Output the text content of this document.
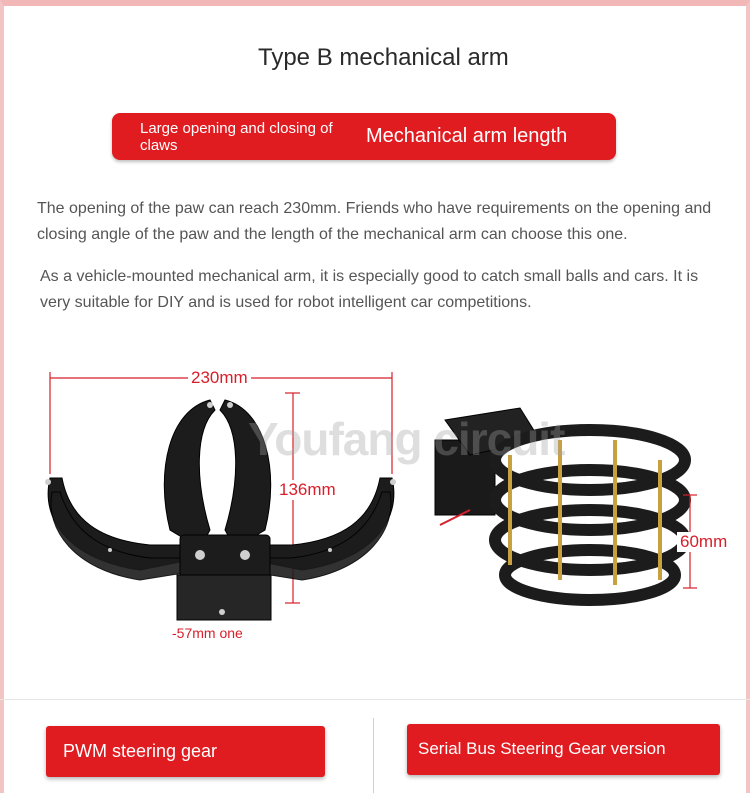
Type B mechanical arm
Large opening and closing of claws	Mechanical arm length
The opening of the paw can reach 230mm. Friends who have requirements on the opening and closing angle of the paw and the length of the mechanical arm can choose this one.
As a vehicle-mounted mechanical arm, it is especially good to catch small balls and cars. It is very suitable for DIY and is used for robot intelligent car competitions.
230mm
136mm
-57mm one
60mm
Youfang circuit
PWM steering gear	Serial Bus Steering Gear version
